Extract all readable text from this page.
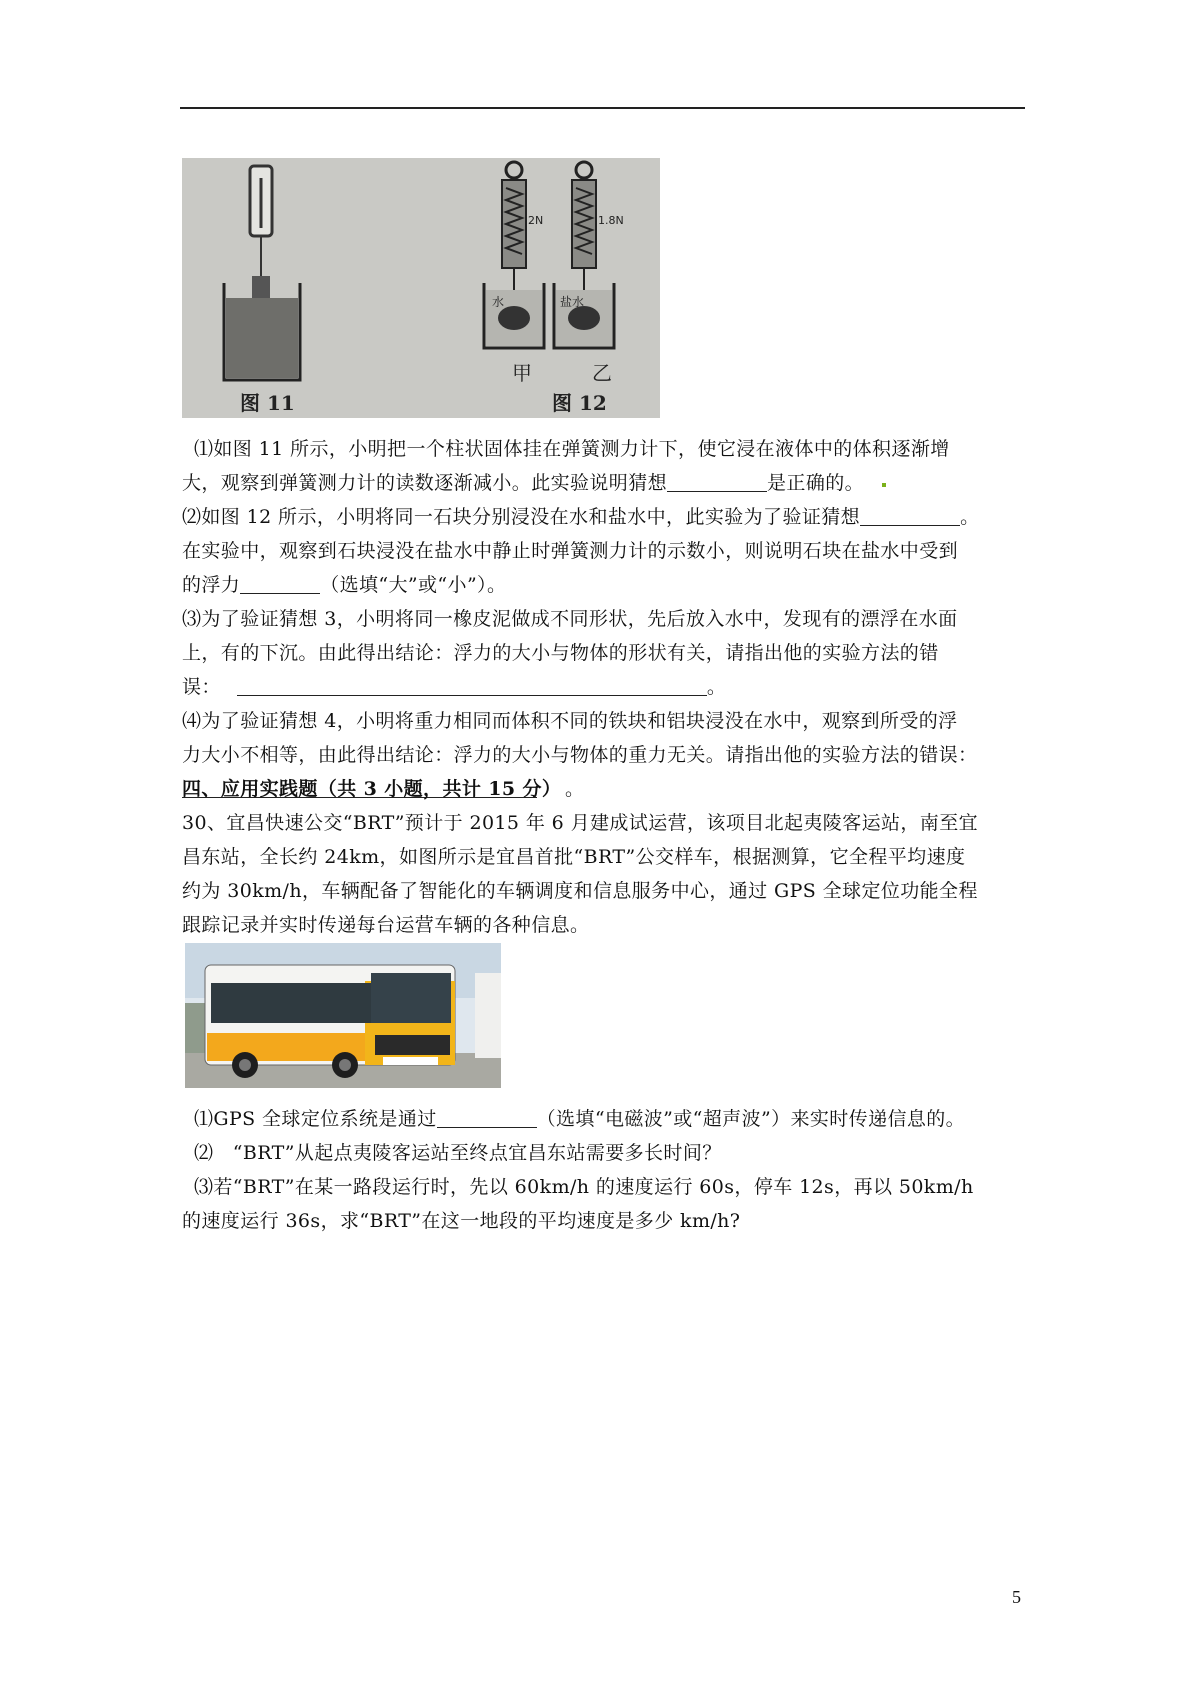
2N
水
1.8N
盐水
甲	乙
图 11	图 12

⑴如图 11 所示，小明把一个柱状固体挂在弹簧测力计下，使它浸在液体中的体积逐渐增

大，观察到弹簧测力计的读数逐渐减小。此实验说明猜想	是正确的。

⑵如图 12 所示，小明将同一石块分别浸没在水和盐水中，此实验为了验证猜想	。

在实验中，观察到石块浸没在盐水中静止时弹簧测力计的示数小，则说明石块在盐水中受到

的浮力	（选填“大”或“小”）。

⑶为了验证猜想 3，小明将同一橡皮泥做成不同形状，先后放入水中，发现有的漂浮在水面

上，有的下沉。由此得出结论：浮力的大小与物体的形状有关，请指出他的实验方法的错

误：	。

⑷为了验证猜想 4，小明将重力相同而体积不同的铁块和铝块浸没在水中，观察到所受的浮

力大小不相等，由此得出结论：浮力的大小与物体的重力无关。请指出他的实验方法的错误：

。

四、应用实践题（共 3 小题，共计 15 分）

30、宜昌快速公交“BRT”预计于 2015 年 6 月建成试运营，该项目北起夷陵客运站，南至宜

昌东站，全长约 24km，如图所示是宜昌首批“BRT”公交样车，根据测算，它全程平均速度

约为 30km/h，车辆配备了智能化的车辆调度和信息服务中心，通过 GPS 全球定位功能全程

跟踪记录并实时传递每台运营车辆的各种信息。

⑴GPS 全球定位系统是通过	（选填“电磁波”或“超声波”）来实时传递信息的。

⑵　“BRT”从起点夷陵客运站至终点宜昌东站需要多长时间？

⑶若“BRT”在某一路段运行时，先以 60km/h 的速度运行 60s，停车 12s，再以 50km/h

的速度运行 36s，求“BRT”在这一地段的平均速度是多少 km/h?

5
